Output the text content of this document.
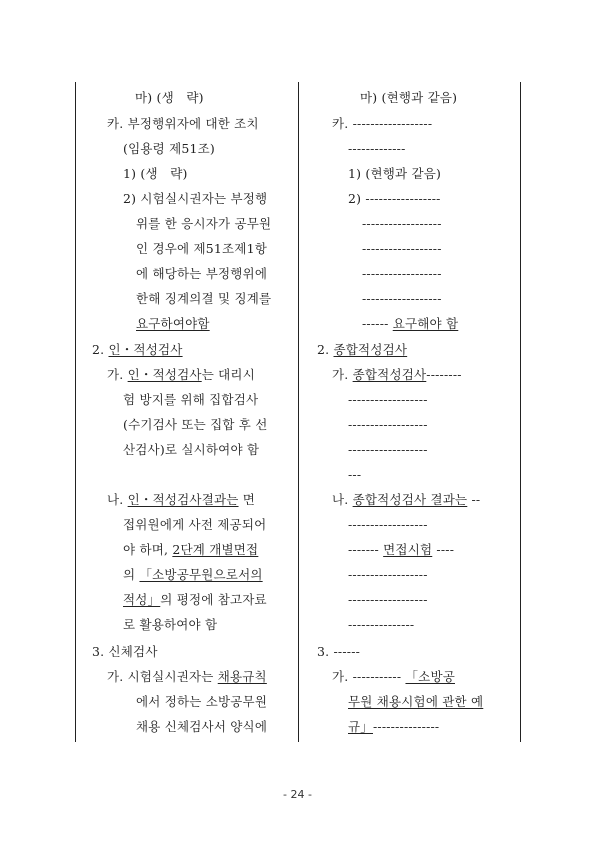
마) (생   략)
카. 부정행위자에 대한 조치
(임용령 제51조)
1) (생   략)
2) 시험실시권자는 부정행
위를 한 응시자가 공무원
인 경우에 제51조제1항
에 해당하는 부정행위에
한해 징계의결 및 징계를
요구하여야함
2. 인・적성검사
가. 인・적성검사는 대리시
험 방지를 위해 집합검사
(수기검사 또는 집합 후 선
산검사)로 실시하여야 함
나. 인・적성검사결과는 면
접위원에게 사전 제공되어
야 하며, 2단계 개별면접
의 「소방공무원으로서의
적성」의 평정에 참고자료
로 활용하여야 함
3. 신체검사
가. 시험실시권자는 채용규칙
에서 정하는 소방공무원
채용 신체검사서 양식에
마) (현행과 같음)
카. ------------------
-------------
1) (현행과 같음)
2) -----------------
------------------
------------------
------------------
------------------
------ 요구해야 함
2. 종합적성검사
가. 종합적성검사--------
------------------
------------------
------------------
---
나. 종합적성검사 결과는 --
------------------
------- 면접시험 ----
------------------
------------------
---------------
3. ------
가. ----------- 「소방공
무원 채용시험에 관한 예
규」---------------
- 24 -
